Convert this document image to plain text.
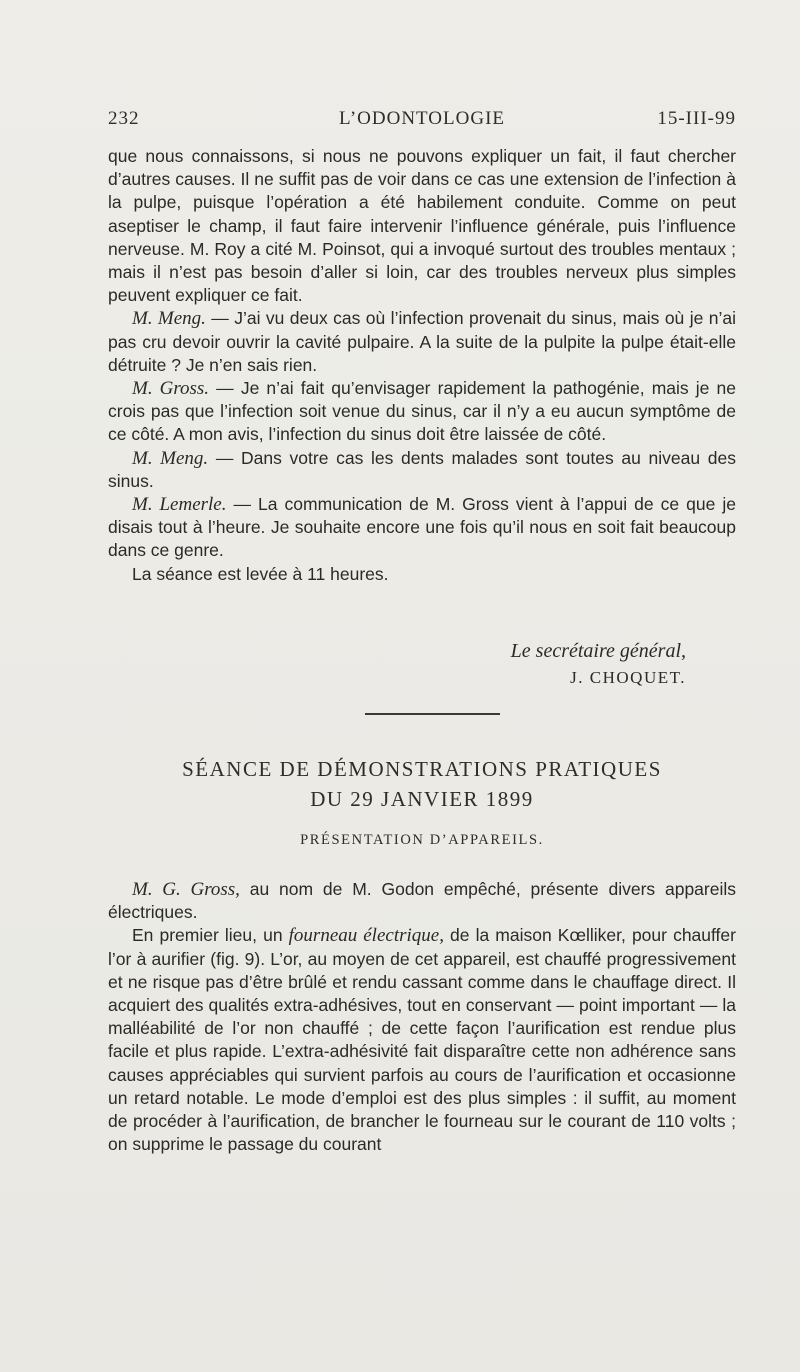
232	L’ODONTOLOGIE	15-III-99

que nous connaissons, si nous ne pouvons expliquer un fait, il faut chercher d’autres causes. Il ne suffit pas de voir dans ce cas une extension de l’infection à la pulpe, puisque l’opération a été habilement conduite. Comme on peut aseptiser le champ, il faut faire intervenir l’influence générale, puis l’influence nerveuse. M. Roy a cité M. Poinsot, qui a invoqué surtout des troubles mentaux ; mais il n’est pas besoin d’aller si loin, car des troubles nerveux plus simples peuvent expliquer ce fait.

M. Meng. — J’ai vu deux cas où l’infection provenait du sinus, mais où je n’ai pas cru devoir ouvrir la cavité pulpaire. A la suite de la pulpite la pulpe était-elle détruite ? Je n’en sais rien.

M. Gross. — Je n’ai fait qu’envisager rapidement la pathogénie, mais je ne crois pas que l’infection soit venue du sinus, car il n’y a eu aucun symptôme de ce côté. A mon avis, l’infection du sinus doit être laissée de côté.

M. Meng. — Dans votre cas les dents malades sont toutes au niveau des sinus.

M. Lemerle. — La communication de M. Gross vient à l’appui de ce que je disais tout à l’heure. Je souhaite encore une fois qu’il nous en soit fait beaucoup dans ce genre.

La séance est levée à 11 heures.

Le secrétaire général,
J. CHOQUET.
SÉANCE DE DÉMONSTRATIONS PRATIQUES
DU 29 JANVIER 1899
PRÉSENTATION D’APPAREILS.

M. G. Gross, au nom de M. Godon empêché, présente divers appareils électriques.

En premier lieu, un fourneau électrique, de la maison Kœlliker, pour chauffer l’or à aurifier (fig. 9). L’or, au moyen de cet appareil, est chauffé progressivement et ne risque pas d’être brûlé et rendu cassant comme dans le chauffage direct. Il acquiert des qualités extra-adhésives, tout en conservant — point important — la malléabilité de l’or non chauffé ; de cette façon l’aurification est rendue plus facile et plus rapide. L’extra-adhésivité fait disparaître cette non adhérence sans causes appréciables qui survient parfois au cours de l’aurification et occasionne un retard notable. Le mode d’emploi est des plus simples : il suffit, au moment de procéder à l’aurification, de brancher le fourneau sur le courant de 110 volts ; on supprime le passage du courant
